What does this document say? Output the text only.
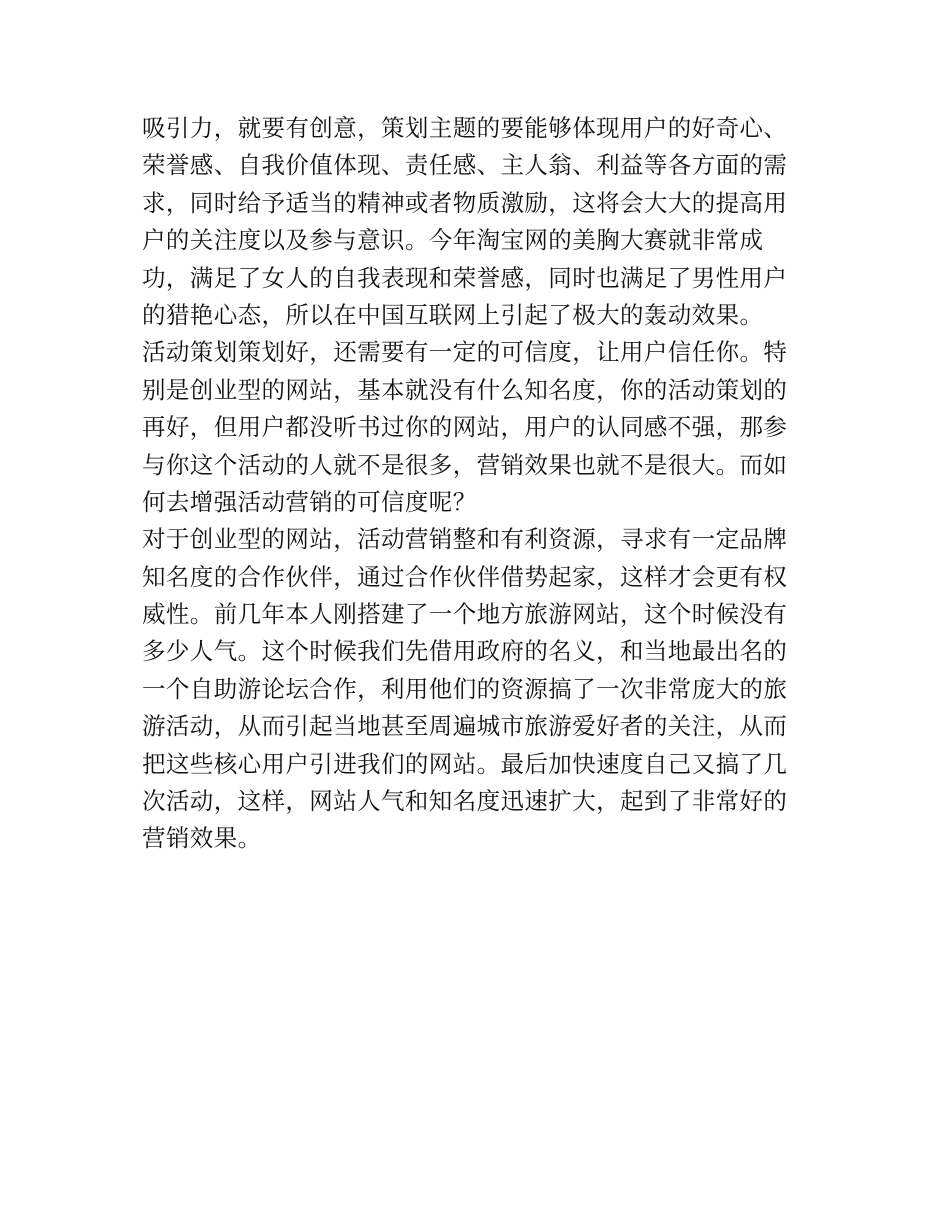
吸引力，就要有创意，策划主题的要能够体现用户的好奇心、
荣誉感、自我价值体现、责任感、主人翁、利益等各方面的需
求，同时给予适当的精神或者物质激励，这将会大大的提高用
户的关注度以及参与意识。今年淘宝网的美胸大赛就非常成
功，满足了女人的自我表现和荣誉感，同时也满足了男性用户
的猎艳心态，所以在中国互联网上引起了极大的轰动效果。
活动策划策划好，还需要有一定的可信度，让用户信任你。特
别是创业型的网站，基本就没有什么知名度，你的活动策划的
再好，但用户都没听书过你的网站，用户的认同感不强，那参
与你这个活动的人就不是很多，营销效果也就不是很大。而如
何去增强活动营销的可信度呢？
对于创业型的网站，活动营销整和有利资源，寻求有一定品牌
知名度的合作伙伴，通过合作伙伴借势起家，这样才会更有权
威性。前几年本人刚搭建了一个地方旅游网站，这个时候没有
多少人气。这个时候我们先借用政府的名义，和当地最出名的
一个自助游论坛合作，利用他们的资源搞了一次非常庞大的旅
游活动，从而引起当地甚至周遍城市旅游爱好者的关注，从而
把这些核心用户引进我们的网站。最后加快速度自己又搞了几
次活动，这样，网站人气和知名度迅速扩大，起到了非常好的
营销效果。
